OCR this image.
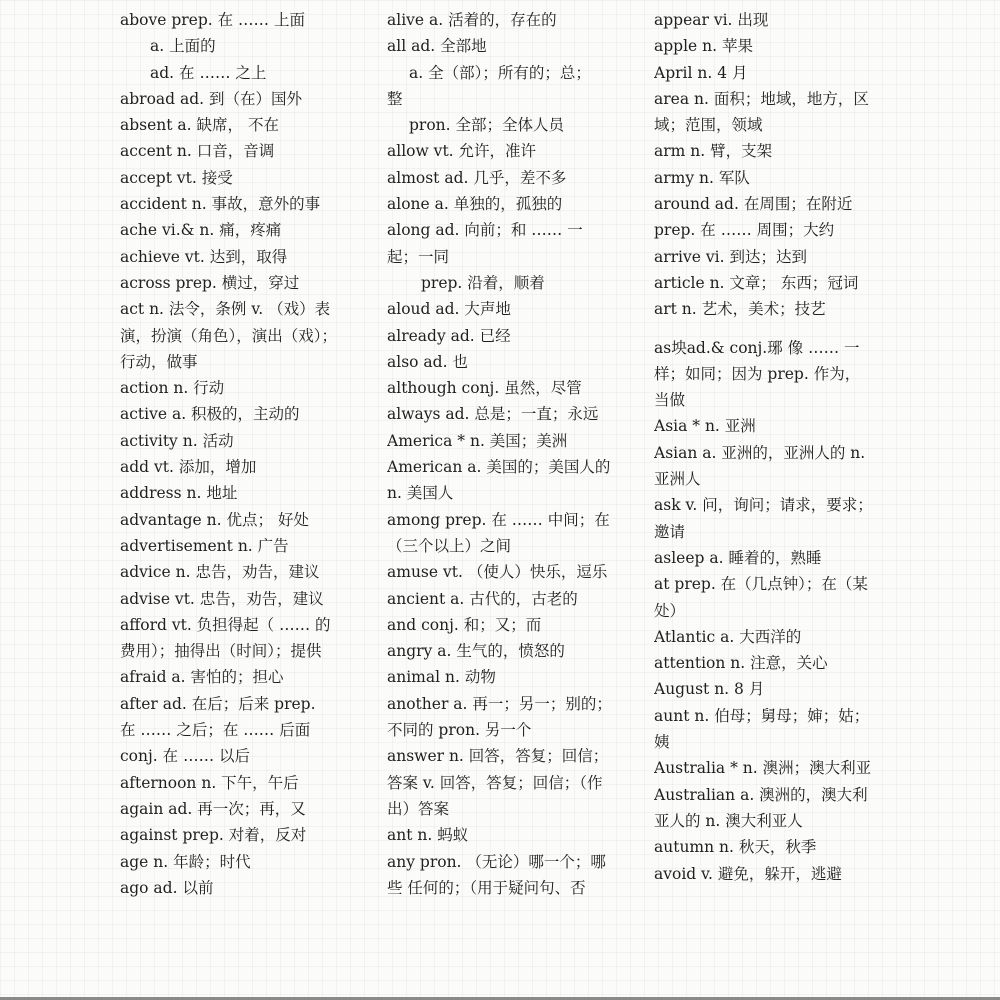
above prep. 在 …… 上面
a. 上面的
ad. 在 …… 之上
abroad ad. 到（在）国外
absent a. 缺席， 不在
accent n. 口音，音调
accept vt. 接受
accident n. 事故，意外的事
ache vi.& n. 痛，疼痛
achieve vt. 达到，取得
across prep. 横过，穿过
act n. 法令，条例 v. （戏）表
演，扮演（角色），演出（戏）；
行动，做事
action n. 行动
active a. 积极的，主动的
activity n. 活动
add vt. 添加，增加
address n. 地址
advantage n. 优点； 好处
advertisement n. 广告
advice n. 忠告，劝告，建议
advise vt. 忠告，劝告，建议
afford vt. 负担得起（ …… 的
费用）；抽得出（时间）；提供
afraid a. 害怕的；担心
after ad. 在后；后来 prep.
在 …… 之后；在 …… 后面
conj. 在 …… 以后
afternoon n. 下午，午后
again ad. 再一次；再，又
against prep. 对着，反对
age n. 年龄；时代
ago ad. 以前
alive a. 活着的，存在的
all ad. 全部地
a. 全（部）；所有的；总；
整
pron. 全部；全体人员
allow vt. 允许，准许
almost ad. 几乎，差不多
alone a. 单独的，孤独的
along ad. 向前；和 …… 一
起；一同
prep. 沿着，顺着
aloud ad. 大声地
already ad. 已经
also ad. 也
although conj. 虽然，尽管
always ad. 总是；一直；永远
America * n. 美国；美洲
American a. 美国的；美国人的
n. 美国人
among prep. 在 …… 中间；在
（三个以上）之间
amuse vt. （使人）快乐，逗乐
ancient a. 古代的，古老的
and conj. 和；又；而
angry a. 生气的，愤怒的
animal n. 动物
another a. 再一；另一；别的；
不同的 pron. 另一个
answer n. 回答，答复；回信；
答案 v. 回答，答复；回信；（作
出）答案
ant n. 蚂蚁
any pron. （无论）哪一个；哪
些 任何的；（用于疑问句、否
appear vi. 出现
apple n. 苹果
April n. 4 月
area n. 面积；地域，地方，区
域；范围，领域
arm n. 臂，支架
army n. 军队
around ad. 在周围；在附近
prep. 在 …… 周围；大约
arrive vi. 到达；达到
article n. 文章； 东西；冠词
art n. 艺术，美术；技艺
as坱ad.& conj.琊 像 …… 一
样；如同；因为 prep. 作为，
当做
Asia * n. 亚洲
Asian a. 亚洲的，亚洲人的 n.
亚洲人
ask v. 问，询问；请求，要求；
邀请
asleep a. 睡着的，熟睡
at prep. 在（几点钟）；在（某
处）
Atlantic a. 大西洋的
attention n. 注意，关心
August n. 8 月
aunt n. 伯母；舅母；婶；姑；
姨
Australia * n. 澳洲；澳大利亚
Australian a. 澳洲的，澳大利
亚人的 n. 澳大利亚人
autumn n. 秋天，秋季
avoid v. 避免，躲开，逃避
